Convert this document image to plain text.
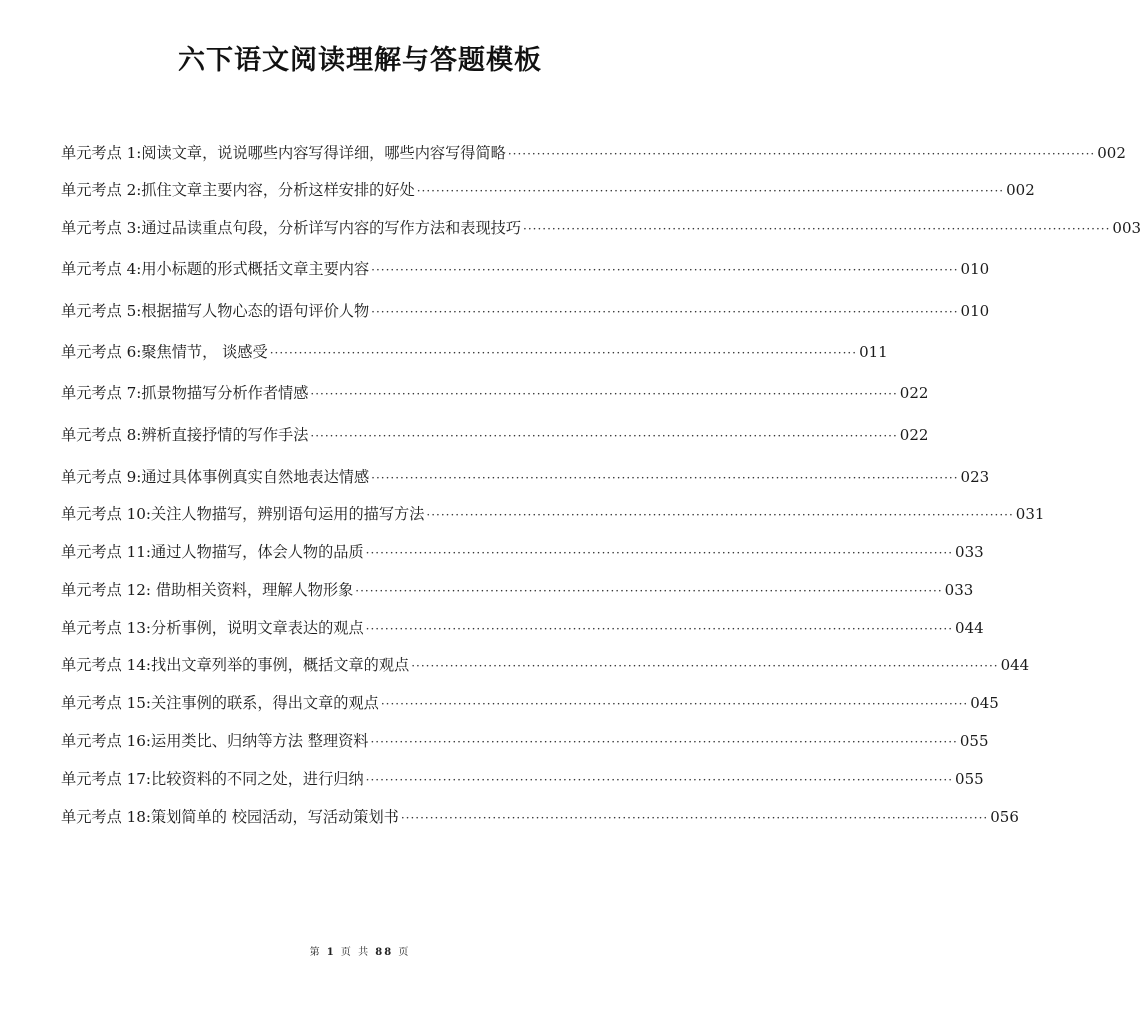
六下语文阅读理解与答题模板
单元考点 1:阅读文章，说说哪些内容写得详细，哪些内容写得简略 ·························································································································· 002
单元考点 2:抓住文章主要内容，分析这样安排的好处 ·························································································································· 002
单元考点 3:通过品读重点句段，分析详写内容的写作方法和表现技巧 ·························································································································· 003
单元考点 4:用小标题的形式概括文章主要内容 ·························································································································· 010
单元考点 5:根据描写人物心态的语句评价人物 ·························································································································· 010
单元考点 6:聚焦情节， 谈感受 ·························································································································· 011
单元考点 7:抓景物描写分析作者情感 ·························································································································· 022
单元考点 8:辨析直接抒情的写作手法 ·························································································································· 022
单元考点 9:通过具体事例真实自然地表达情感 ·························································································································· 023
单元考点 10:关注人物描写，辨别语句运用的描写方法 ·························································································································· 031
单元考点 11:通过人物描写，体会人物的品质 ·························································································································· 033
单元考点 12: 借助相关资料，理解人物形象 ·························································································································· 033
单元考点 13:分析事例，说明文章表达的观点 ·························································································································· 044
单元考点 14:找出文章列举的事例，概括文章的观点 ·························································································································· 044
单元考点 15:关注事例的联系，得出文章的观点 ·························································································································· 045
单元考点 16:运用类比、归纳等方法 整理资料 ·························································································································· 055
单元考点 17:比较资料的不同之处，进行归纳 ·························································································································· 055
单元考点 18:策划简单的 校园活动，写活动策划书 ·························································································································· 056
第 1 页 共 88 页
